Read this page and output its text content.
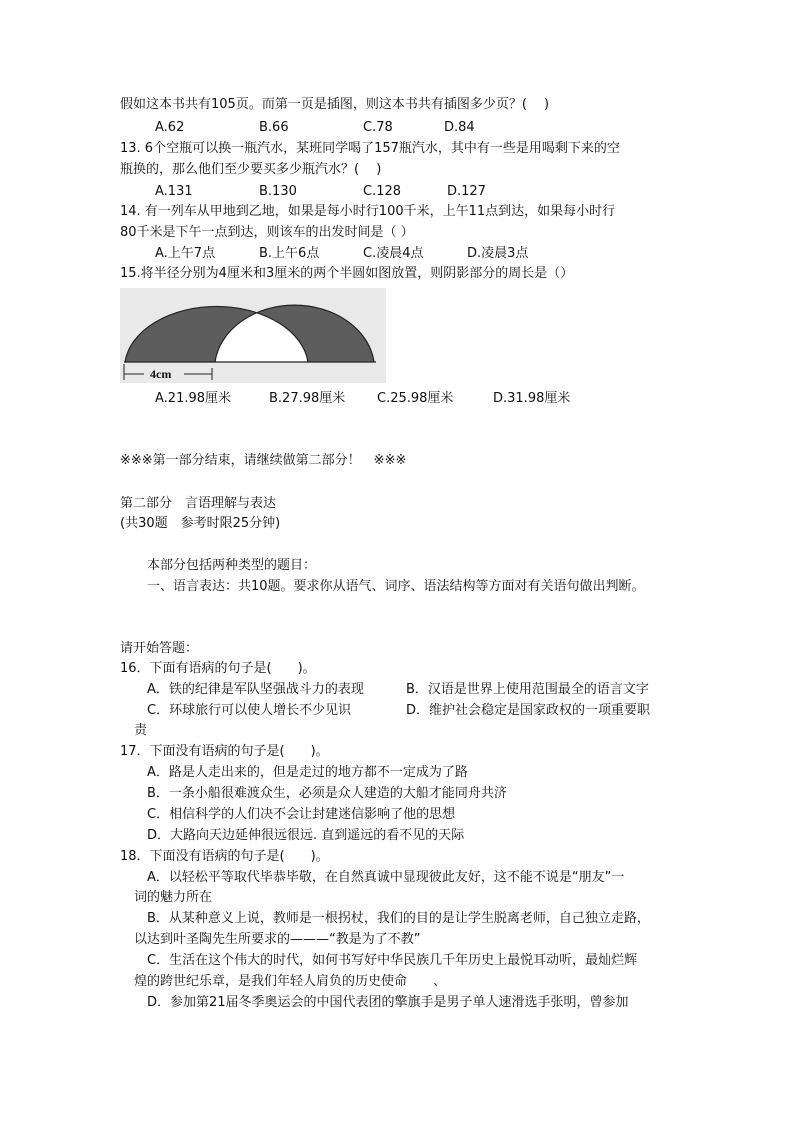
假如这本书共有105页。而第一页是插图，则这本书共有插图多少页？(　 )
A.62	B.66	C.78	D.84
13. 6个空瓶可以换一瓶汽水，某班同学喝了157瓶汽水，其中有一些是用喝剩下来的空
瓶换的，那么他们至少要买多少瓶汽水？(　 )
A.131	B.130	C.128	D.127
14. 有一列车从甲地到乙地，如果是每小时行100千米，上午11点到达，如果每小时行
80千米是下午一点到达，则该车的出发时间是（ ）
A.上午7点	B.上午6点	C.凌晨4点	D.凌晨3点
15.将半径分别为4厘米和3厘米的两个半圆如图放置，则阴影部分的周长是（）
4cm
A.21.98厘米	B.27.98厘米 C.25.98厘米	D.31.98厘米
※※※第一部分结束，请继续做第二部分！　※※※
第二部分　言语理解与表达
(共30题　参考时限25分钟)
本部分包括两种类型的题目：
一、语言表达：共10题。要求你从语气、词序、语法结构等方面对有关语句做出判断。
请开始答题：
16．下面有语病的句子是(　　)。
A．铁的纪律是军队坚强战斗力的表现	B．汉语是世界上使用范围最全的语言文字
C．环球旅行可以使人增长不少见识	D．维护社会稳定是国家政权的一项重要职
责
17．下面没有语病的句子是(　　)。
A．路是人走出来的，但是走过的地方都不一定成为了路
B．一条小船很难渡众生，必须是众人建造的大船才能同舟共济
C．相信科学的人们决不会让封建迷信影响了他的思想
D．大路向天边延伸很远很远. 直到遥远的看不见的天际
18．下面没有语病的句子是(　　)。
A．以轻松平等取代毕恭毕敬，在自然真诚中显现彼此友好，这不能不说是“朋友”一
词的魅力所在
B．从某种意义上说，教师是一根拐杖，我们的目的是让学生脱离老师，自己独立走路，
以达到叶圣陶先生所要求的———“教是为了不教”
C．生活在这个伟大的时代，如何书写好中华民族几千年历史上最悦耳动听，最灿烂辉
煌的跨世纪乐章，是我们年轻人肩负的历史使命　　、
D．参加第21届冬季奥运会的中国代表团的擎旗手是男子单人速滑选手张明，曾参加
